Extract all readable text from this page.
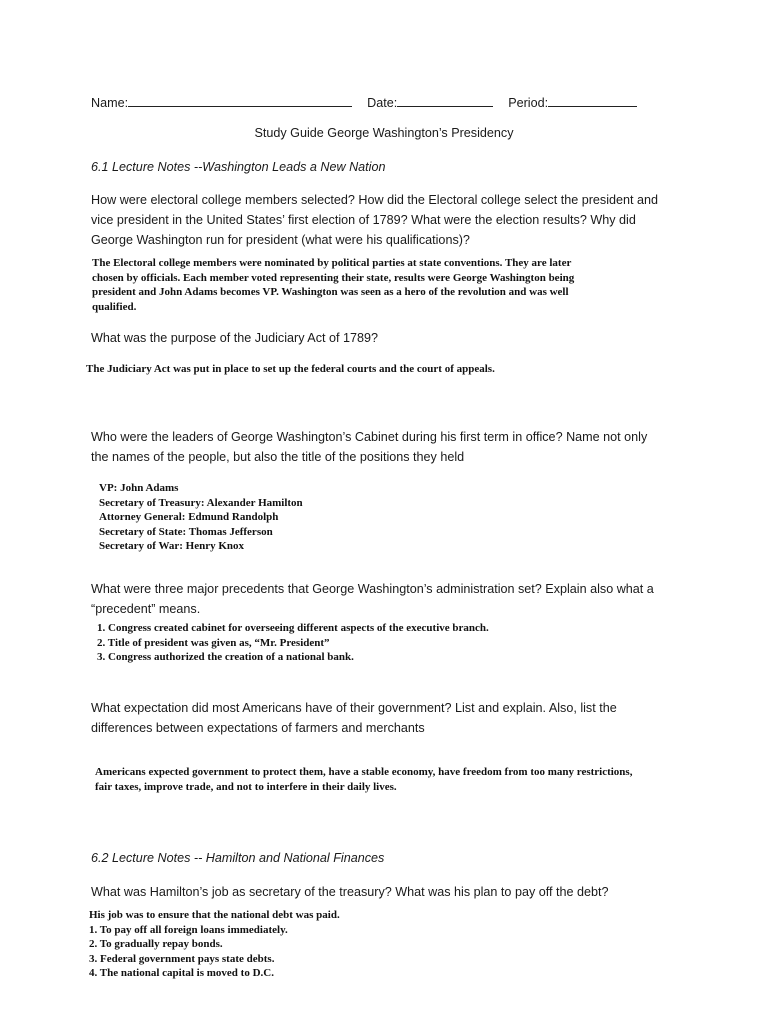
Name:	Date:	Period:
Study Guide George Washington’s Presidency
6.1 Lecture Notes --Washington Leads a New Nation
How were electoral college members selected? How did the Electoral college select the president and
vice president in the United States’ first election of 1789? What were the election results? Why did
George Washington run for president (what were his qualifications)?
The Electoral college members were nominated by political parties at state conventions. They are later
chosen by officials. Each member voted representing their state, results were George Washington being
president and John Adams becomes VP. Washington was seen as a hero of the revolution and was well
qualified.
What was the purpose of the Judiciary Act of 1789?
The Judiciary Act was put in place to set up the federal courts and the court of appeals.
Who were the leaders of George Washington’s Cabinet during his first term in office? Name not only
the names of the people, but also the title of the positions they held
VP: John Adams
Secretary of Treasury: Alexander Hamilton
Attorney General: Edmund Randolph
Secretary of State: Thomas Jefferson
Secretary of War: Henry Knox
What were three major precedents that George Washington’s administration set? Explain also what a
“precedent” means.
1. Congress created cabinet for overseeing different aspects of the executive branch.
2. Title of president was given as, “Mr. President”
3. Congress authorized the creation of a national bank.
What expectation did most Americans have of their government? List and explain. Also, list the
differences between expectations of farmers and merchants
Americans expected government to protect them, have a stable economy, have freedom from too many restrictions,
fair taxes, improve trade, and not to interfere in their daily lives.
6.2 Lecture Notes -- Hamilton and National Finances
What was Hamilton’s job as secretary of the treasury? What was his plan to pay off the debt?
His job was to ensure that the national debt was paid.
1. To pay off all foreign loans immediately.
2. To gradually repay bonds.
3. Federal government pays state debts.
4. The national capital is moved to D.C.
